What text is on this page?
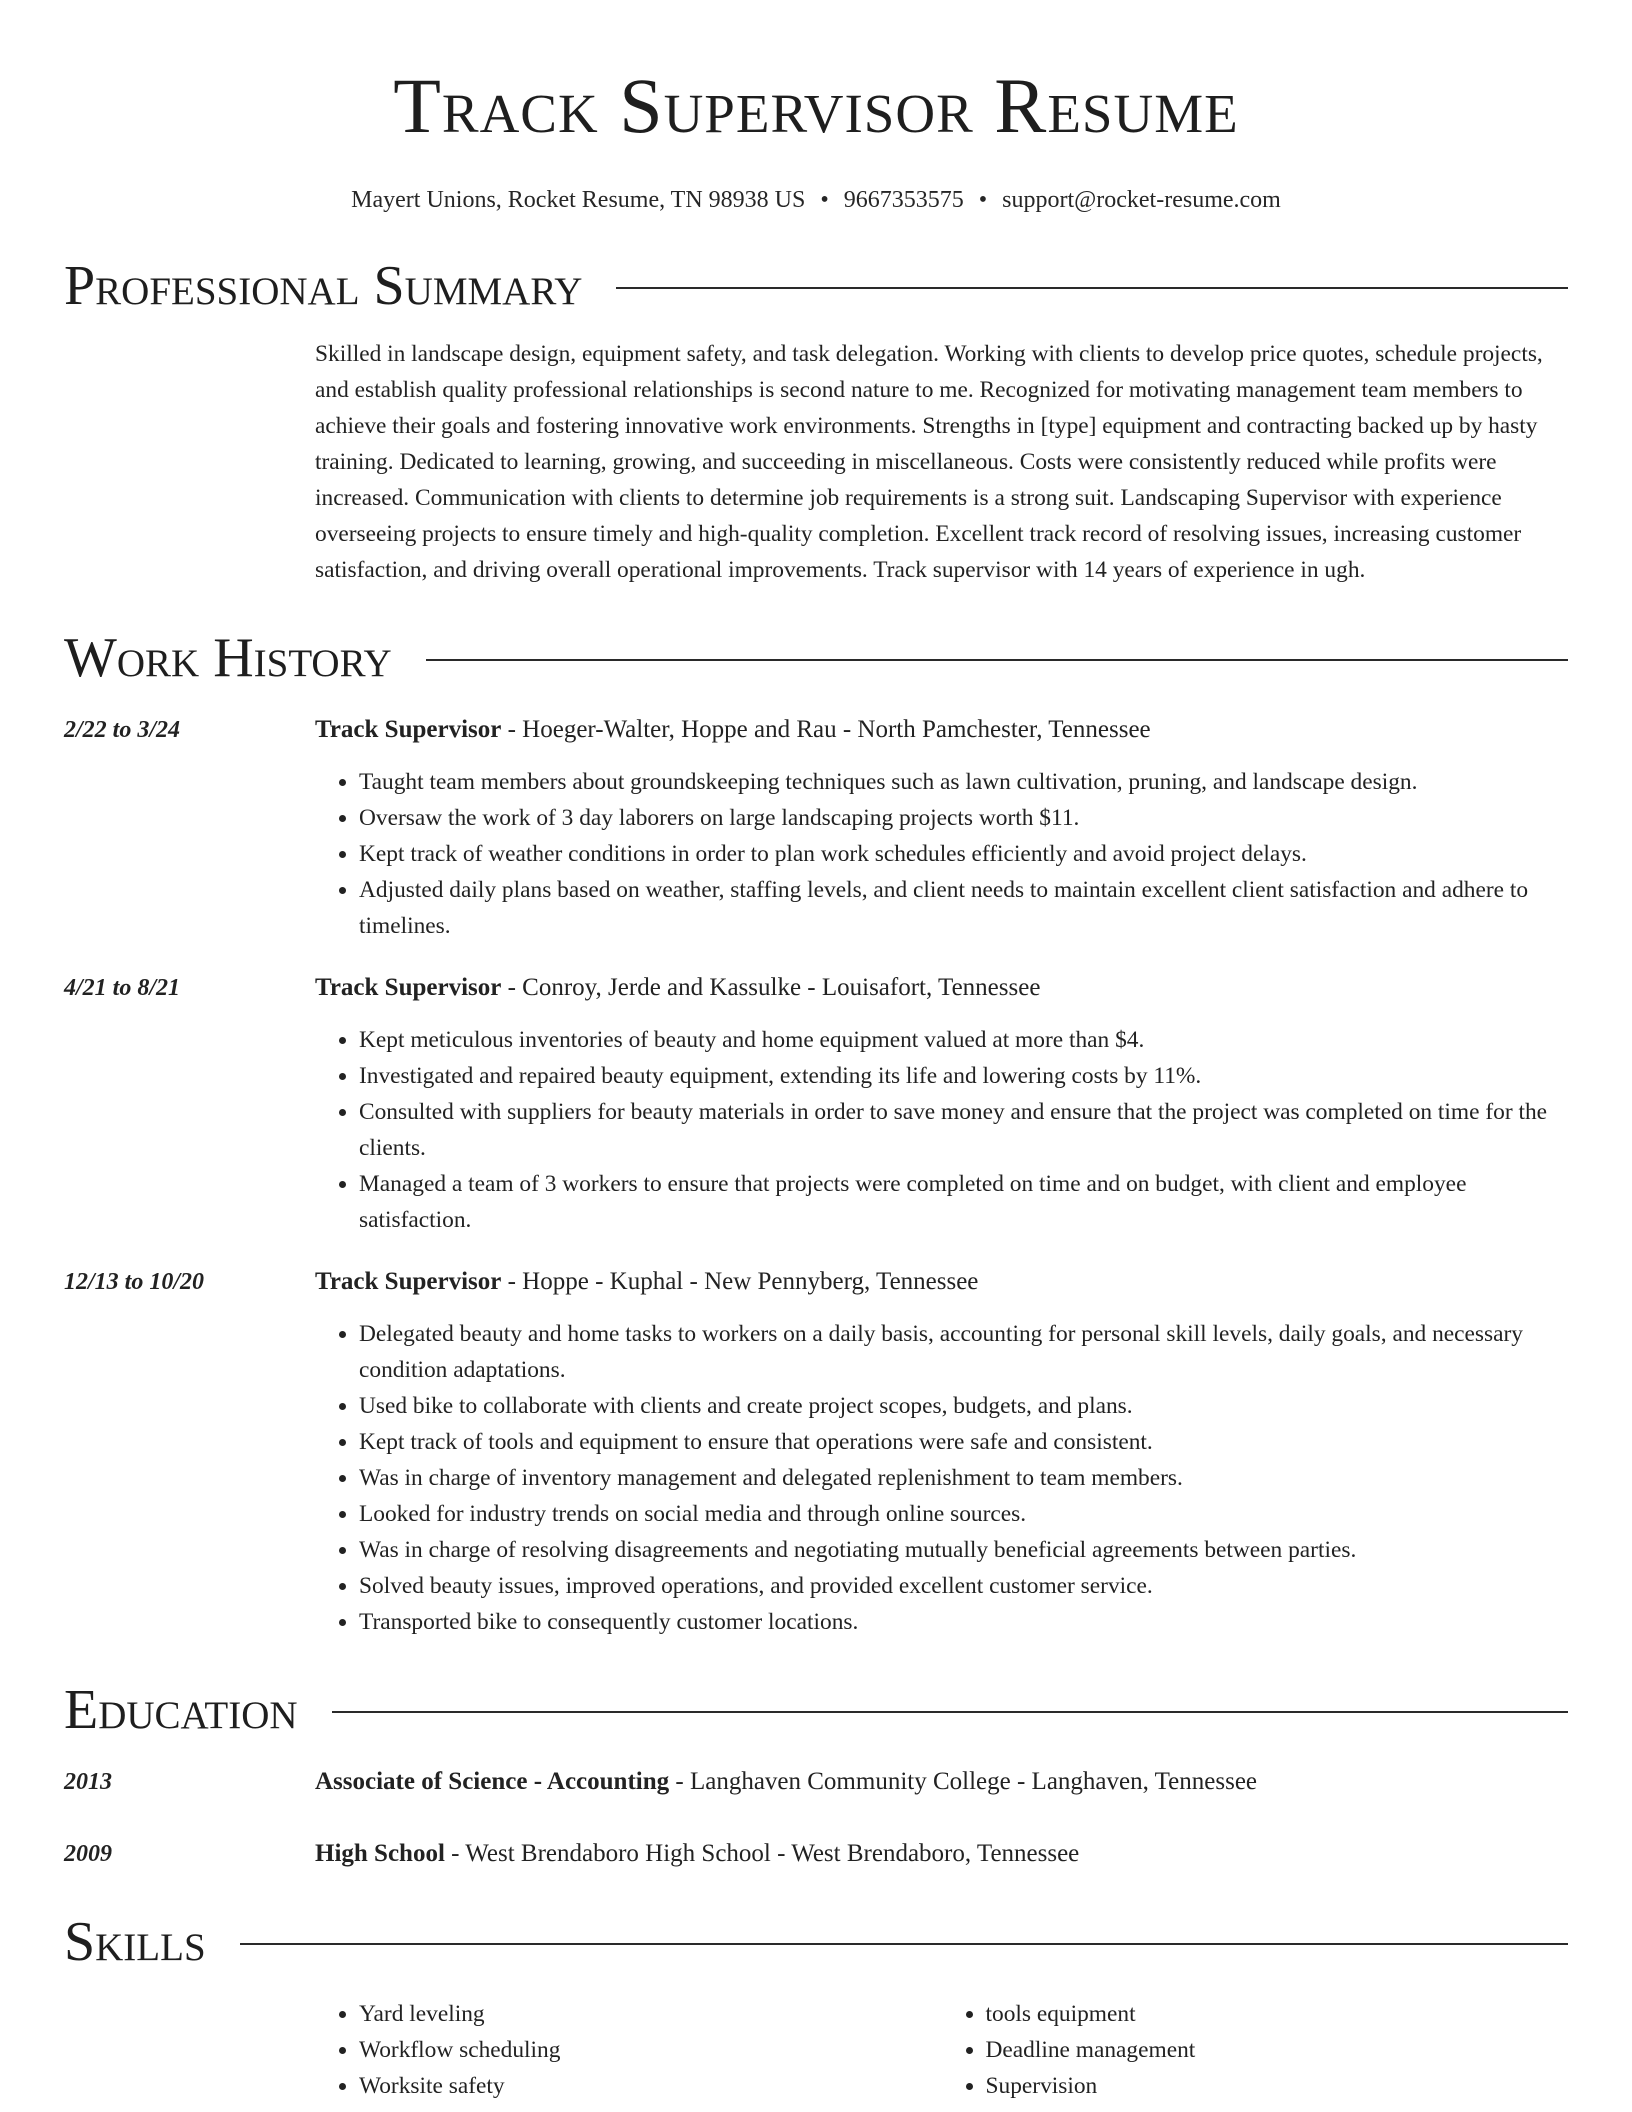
Track Supervisor Resume
Mayert Unions, Rocket Resume, TN 98938 US • 9667353575 • support@rocket-resume.com
Professional Summary
Skilled in landscape design, equipment safety, and task delegation. Working with clients to develop price quotes, schedule projects, and establish quality professional relationships is second nature to me. Recognized for motivating management team members to achieve their goals and fostering innovative work environments. Strengths in [type] equipment and contracting backed up by hasty training. Dedicated to learning, growing, and succeeding in miscellaneous. Costs were consistently reduced while profits were increased. Communication with clients to determine job requirements is a strong suit. Landscaping Supervisor with experience overseeing projects to ensure timely and high-quality completion. Excellent track record of resolving issues, increasing customer satisfaction, and driving overall operational improvements. Track supervisor with 14 years of experience in ugh.
Work History
2/22 to 3/24	Track Supervisor - Hoeger-Walter, Hoppe and Rau - North Pamchester, Tennessee
• Taught team members about groundskeeping techniques such as lawn cultivation, pruning, and landscape design.
• Oversaw the work of 3 day laborers on large landscaping projects worth $11.
• Kept track of weather conditions in order to plan work schedules efficiently and avoid project delays.
• Adjusted daily plans based on weather, staffing levels, and client needs to maintain excellent client satisfaction and adhere to timelines.
4/21 to 8/21	Track Supervisor - Conroy, Jerde and Kassulke - Louisafort, Tennessee
• Kept meticulous inventories of beauty and home equipment valued at more than $4.
• Investigated and repaired beauty equipment, extending its life and lowering costs by 11%.
• Consulted with suppliers for beauty materials in order to save money and ensure that the project was completed on time for the clients.
• Managed a team of 3 workers to ensure that projects were completed on time and on budget, with client and employee satisfaction.
12/13 to 10/20	Track Supervisor - Hoppe - Kuphal - New Pennyberg, Tennessee
• Delegated beauty and home tasks to workers on a daily basis, accounting for personal skill levels, daily goals, and necessary condition adaptations.
• Used bike to collaborate with clients and create project scopes, budgets, and plans.
• Kept track of tools and equipment to ensure that operations were safe and consistent.
• Was in charge of inventory management and delegated replenishment to team members.
• Looked for industry trends on social media and through online sources.
• Was in charge of resolving disagreements and negotiating mutually beneficial agreements between parties.
• Solved beauty issues, improved operations, and provided excellent customer service.
• Transported bike to consequently customer locations.
Education
2013	Associate of Science - Accounting - Langhaven Community College - Langhaven, Tennessee
2009	High School - West Brendaboro High School - West Brendaboro, Tennessee
Skills
• Yard leveling
• Workflow scheduling
• Worksite safety
• tools equipment
• Deadline management
• Supervision
